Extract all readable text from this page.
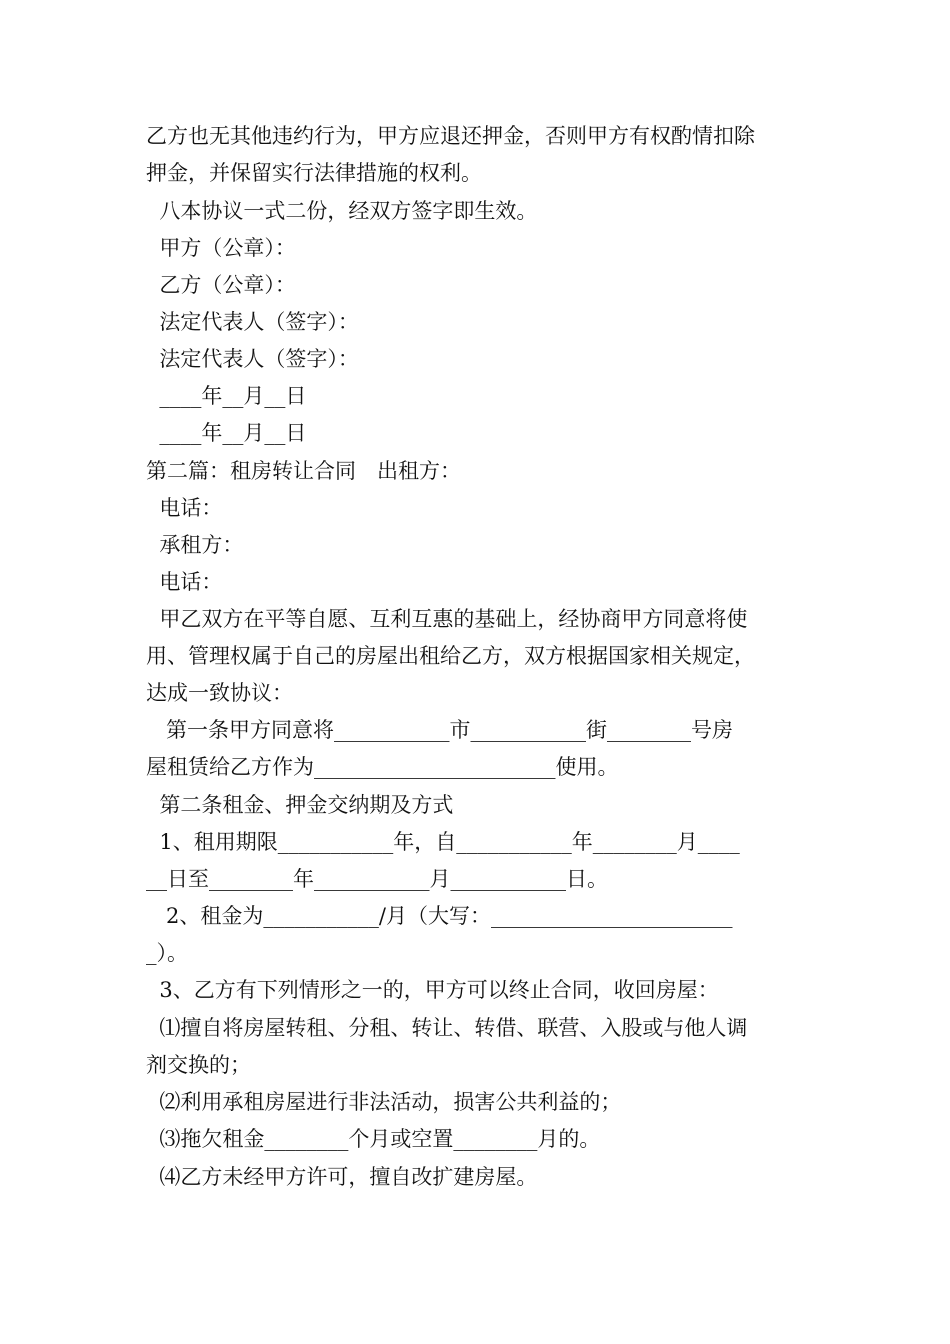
乙方也无其他违约行为，甲方应退还押金，否则甲方有权酌情扣除
押金，并保留实行法律措施的权利。
八本协议一式二份，经双方签字即生效。
甲方（公章）：
乙方（公章）：
法定代表人（签字）：
法定代表人（签字）：
____年__月__日
____年__月__日
第二篇：租房转让合同　出租方：
电话：
承租方：
电话：
甲乙双方在平等自愿、互利互惠的基础上，经协商甲方同意将使
用、管理权属于自己的房屋出租给乙方，双方根据国家相关规定，
达成一致协议：
第一条甲方同意将___________市___________街________号房
屋租赁给乙方作为_______________________使用。
第二条租金、押金交纳期及方式
1、租用期限___________年，自___________年________月____
__日至________年___________月___________日。
2、租金为___________/月（大写：_______________________
_）。
3、乙方有下列情形之一的，甲方可以终止合同，收回房屋：
⑴擅自将房屋转租、分租、转让、转借、联营、入股或与他人调
剂交换的；
⑵利用承租房屋进行非法活动，损害公共利益的；
⑶拖欠租金________个月或空置________月的。
⑷乙方未经甲方许可，擅自改扩建房屋。
